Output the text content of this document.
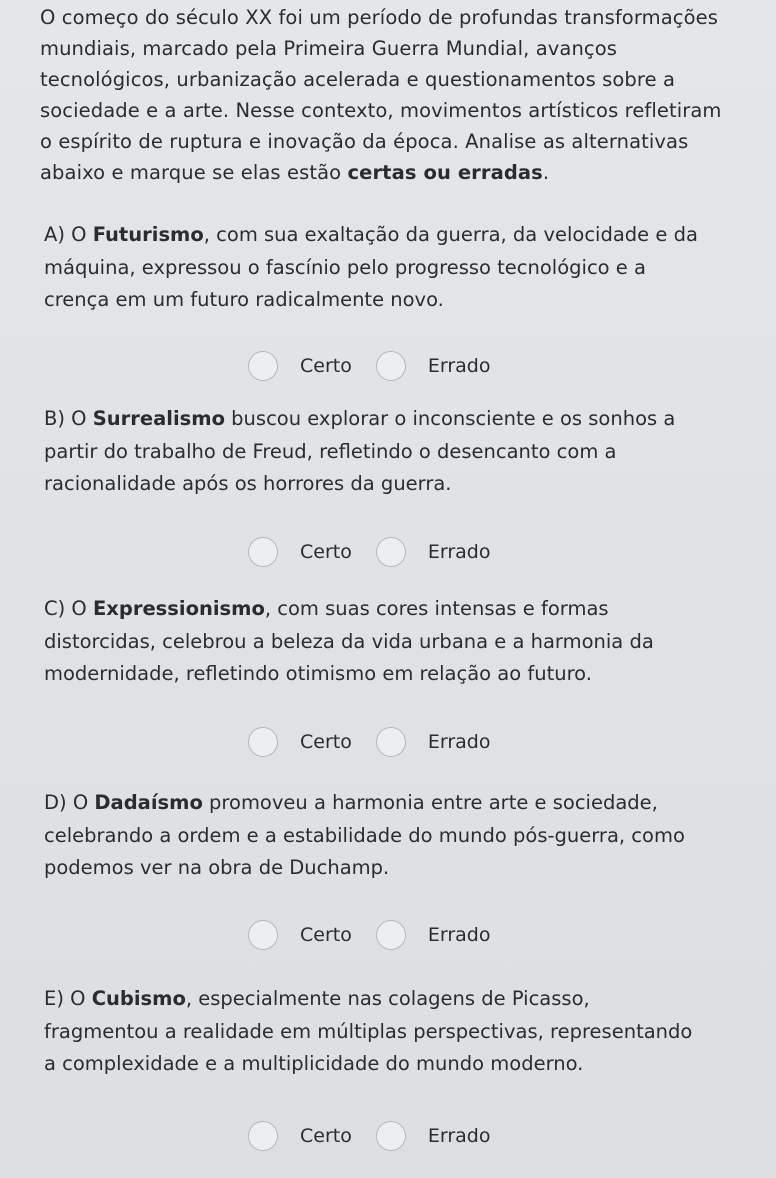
O começo do século XX foi um período de profundas transformações
mundiais, marcado pela Primeira Guerra Mundial, avanços
tecnológicos, urbanização acelerada e questionamentos sobre a
sociedade e a arte. Nesse contexto, movimentos artísticos refletiram
o espírito de ruptura e inovação da época. Analise as alternativas
abaixo e marque se elas estão certas ou erradas.
A) O Futurismo, com sua exaltação da guerra, da velocidade e da
máquina, expressou o fascínio pelo progresso tecnológico e a
crença em um futuro radicalmente novo.
Certo	Errado
B) O Surrealismo buscou explorar o inconsciente e os sonhos a
partir do trabalho de Freud, refletindo o desencanto com a
racionalidade após os horrores da guerra.
Certo	Errado
C) O Expressionismo, com suas cores intensas e formas
distorcidas, celebrou a beleza da vida urbana e a harmonia da
modernidade, refletindo otimismo em relação ao futuro.
Certo	Errado
D) O Dadaísmo promoveu a harmonia entre arte e sociedade,
celebrando a ordem e a estabilidade do mundo pós-guerra, como
podemos ver na obra de Duchamp.
Certo	Errado
E) O Cubismo, especialmente nas colagens de Picasso,
fragmentou a realidade em múltiplas perspectivas, representando
a complexidade e a multiplicidade do mundo moderno.
Certo	Errado
